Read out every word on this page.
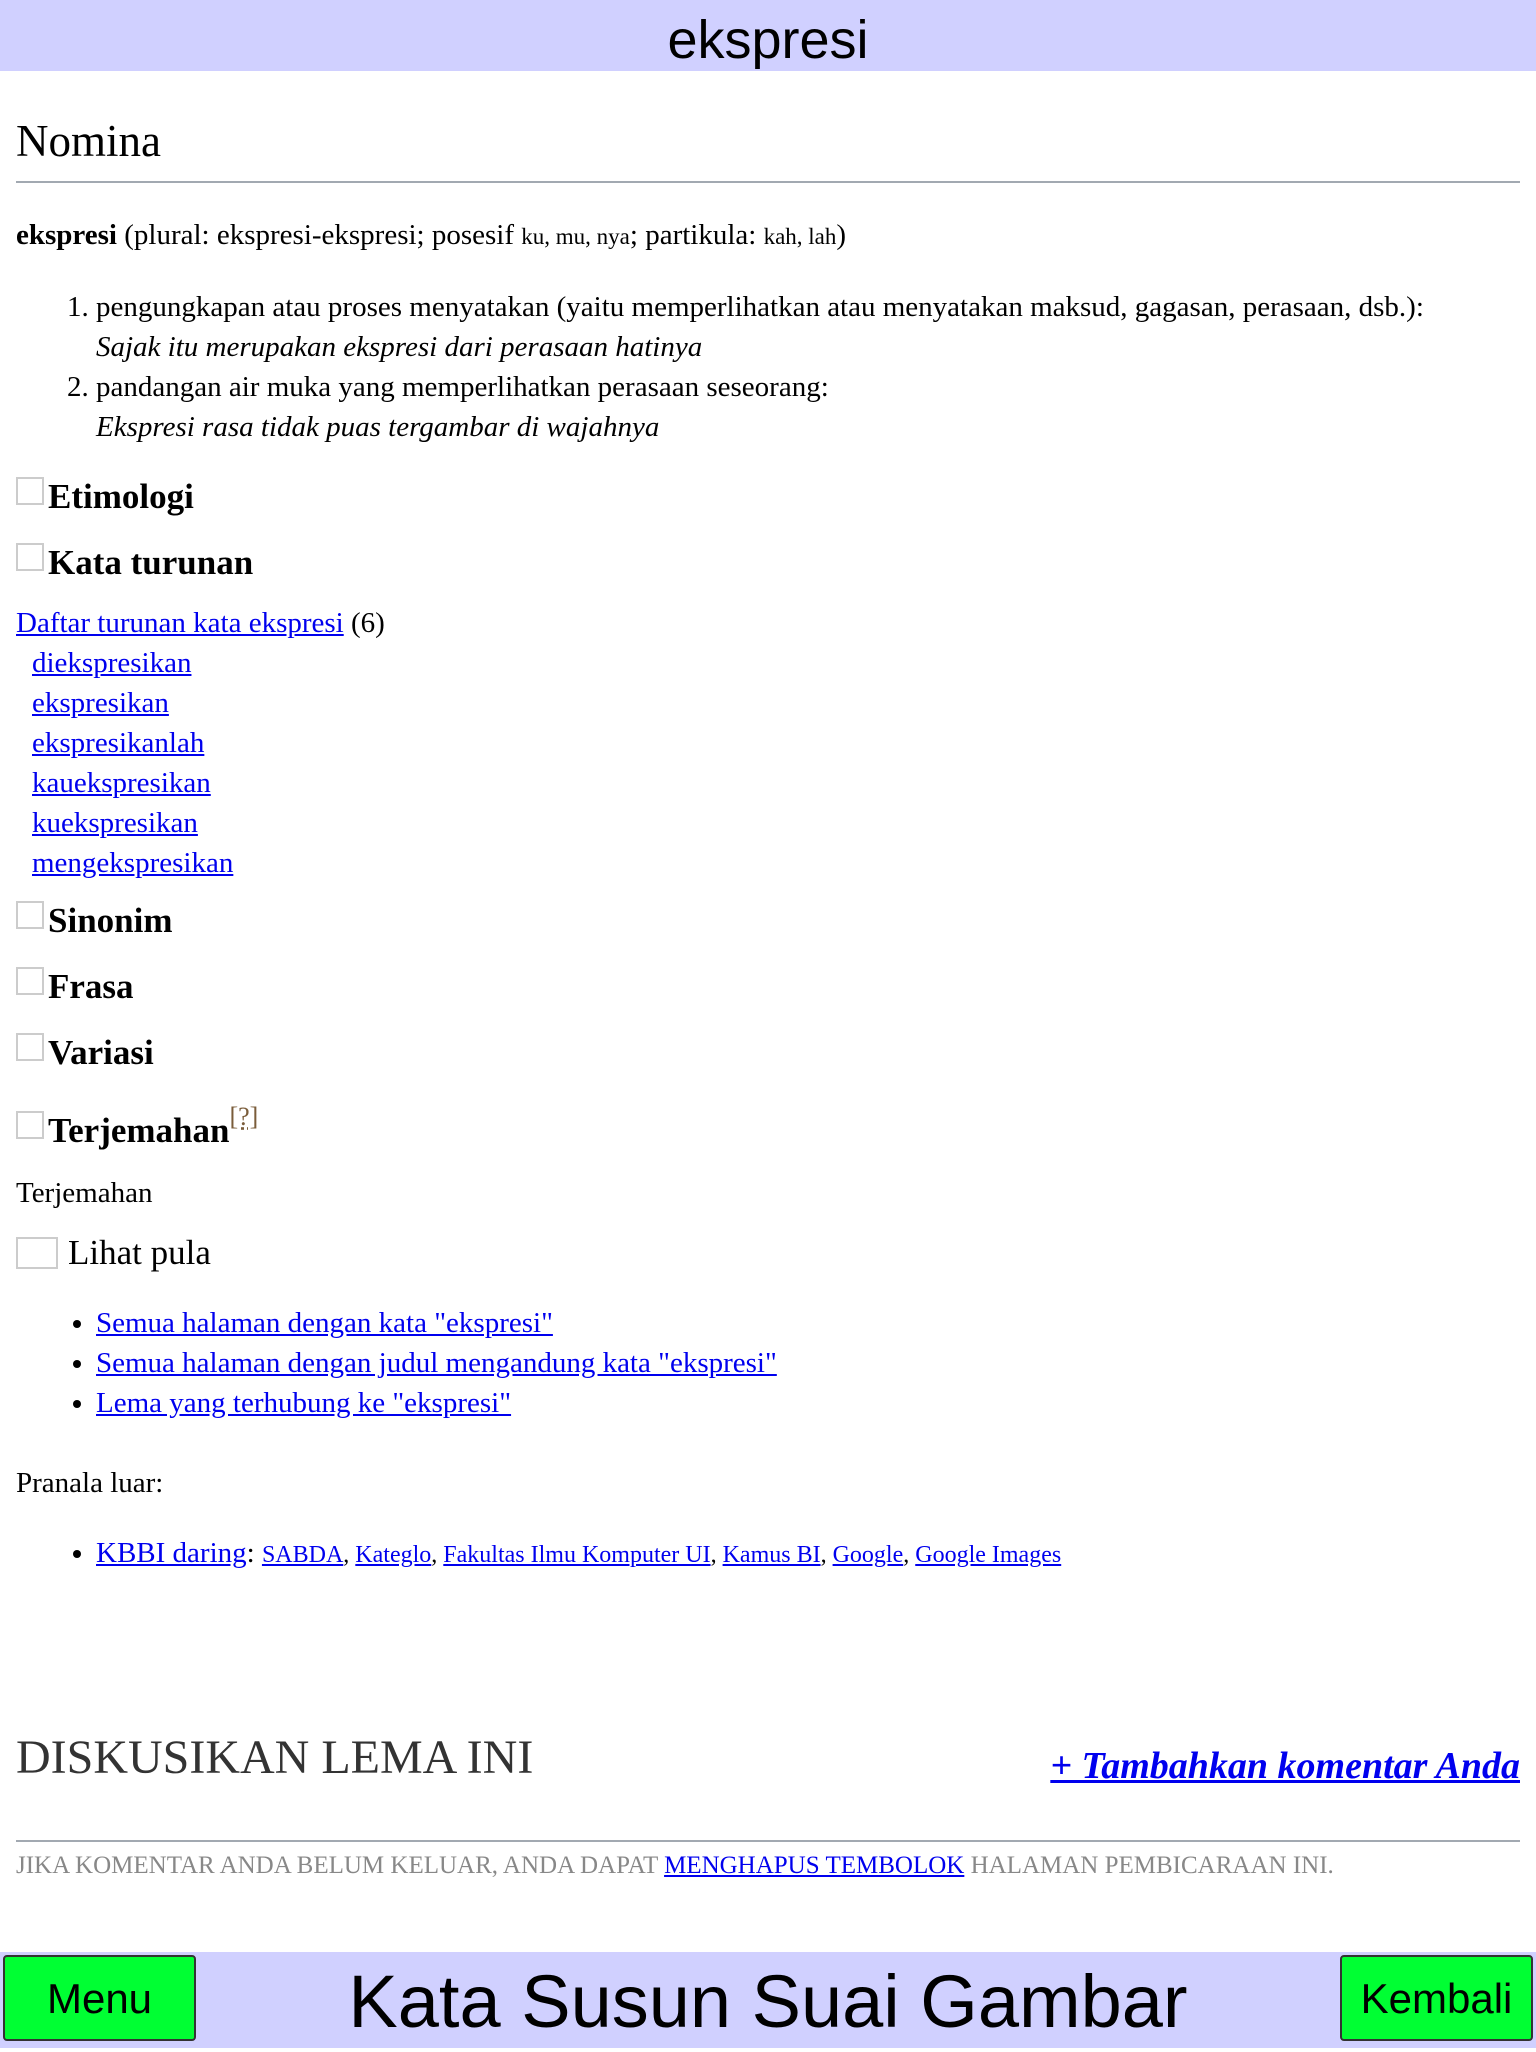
ekspresi
Nomina
ekspresi (plural: ekspresi-ekspresi; posesif ku, mu, nya; partikula: kah, lah)
1. pengungkapan atau proses menyatakan (yaitu memperlihatkan atau menyatakan maksud, gagasan, perasaan, dsb.):
Sajak itu merupakan ekspresi dari perasaan hatinya
2. pandangan air muka yang memperlihatkan perasaan seseorang:
Ekspresi rasa tidak puas tergambar di wajahnya
Etimologi
Kata turunan
Daftar turunan kata ekspresi (6)
diekspresikan
ekspresikan
ekspresikanlah
kauekspresikan
kuekspresikan
mengekspresikan
Sinonim
Frasa
Variasi
Terjemahan [?]
Terjemahan
Lihat pula
• Semua halaman dengan kata "ekspresi"
• Semua halaman dengan judul mengandung kata "ekspresi"
• Lema yang terhubung ke "ekspresi"
Pranala luar:
• KBBI daring: SABDA, Kateglo, Fakultas Ilmu Komputer UI, Kamus BI, Google, Google Images
DISKUSIKAN LEMA INI	+ Tambahkan komentar Anda
JIKA KOMENTAR ANDA BELUM KELUAR, ANDA DAPAT MENGHAPUS TEMBOLOK HALAMAN PEMBICARAAN INI.
Menu	Kata Susun Suai Gambar	Kembali
